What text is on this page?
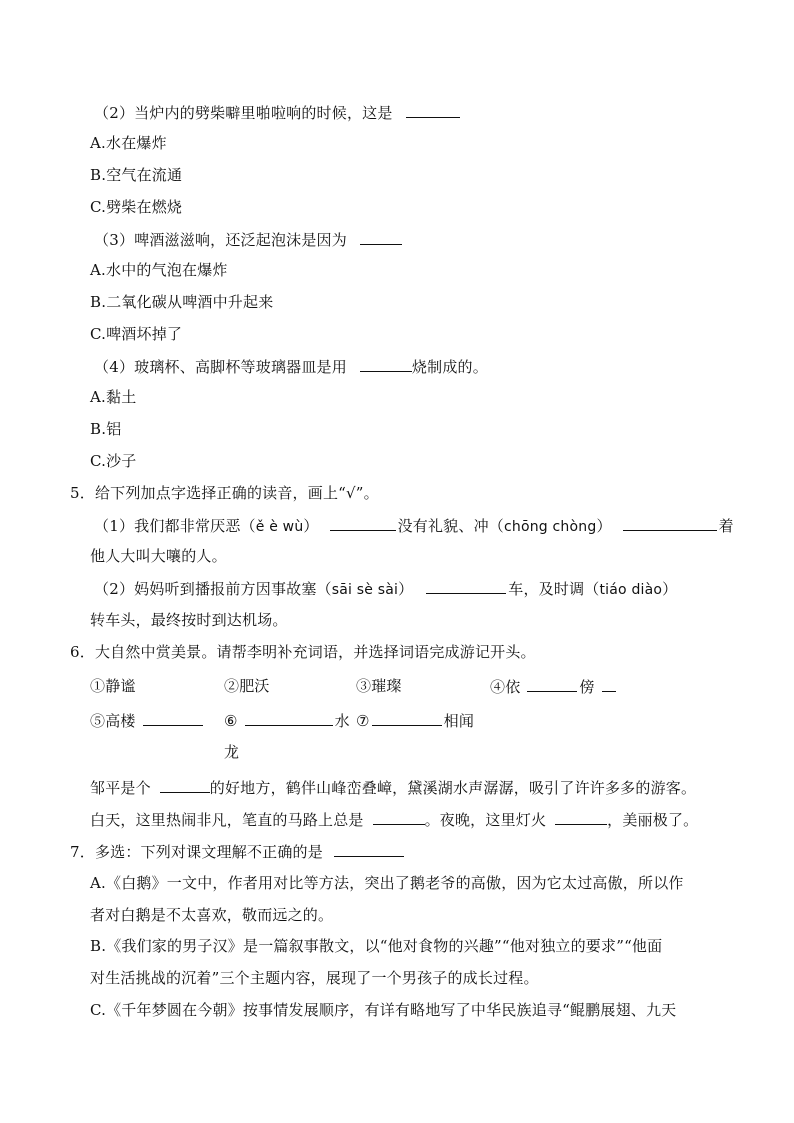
（2）当炉内的劈柴噼里啪啦响的时候，这是
A.水在爆炸
B.空气在流通
C.劈柴在燃烧
（3）啤酒滋滋响，还泛起泡沫是因为
A.水中的气泡在爆炸
B.二氧化碳从啤酒中升起来
C.啤酒坏掉了
（4）玻璃杯、高脚杯等玻璃器皿是用	烧制成的。
A.黏土
B.铝
C.沙子
5．给下列加点字选择正确的读音，画上“√”。
（1）我们都非常厌恶（ě è wù）	没有礼貌、冲（chōng chòng）	着
他人大叫大嚷的人。
（2）妈妈听到播报前方因事故塞（sāi sè sài）	车，及时调（tiáo diào）
转车头，最终按时到达机场。
6．大自然中赏美景。请帮李明补充词语，并选择词语完成游记开头。
①静谧	②肥沃	③璀璨	④依	傍
⑤高楼	⑥	水 ⑦	相闻
龙
邹平是个	的好地方，鹤伴山峰峦叠嶂，黛溪湖水声潺潺，吸引了许许多多的游客。
白天，这里热闹非凡，笔直的马路上总是	。夜晚，这里灯火	，美丽极了。
7．多选：下列对课文理解不正确的是
A.《白鹅》一文中，作者用对比等方法，突出了鹅老爷的高傲，因为它太过高傲，所以作
者对白鹅是不太喜欢，敬而远之的。
B.《我们家的男子汉》是一篇叙事散文，以“他对食物的兴趣”“他对独立的要求”“他面
对生活挑战的沉着”三个主题内容，展现了一个男孩子的成长过程。
C.《千年梦圆在今朝》按事情发展顺序，有详有略地写了中华民族追寻“鲲鹏展翅、九天
